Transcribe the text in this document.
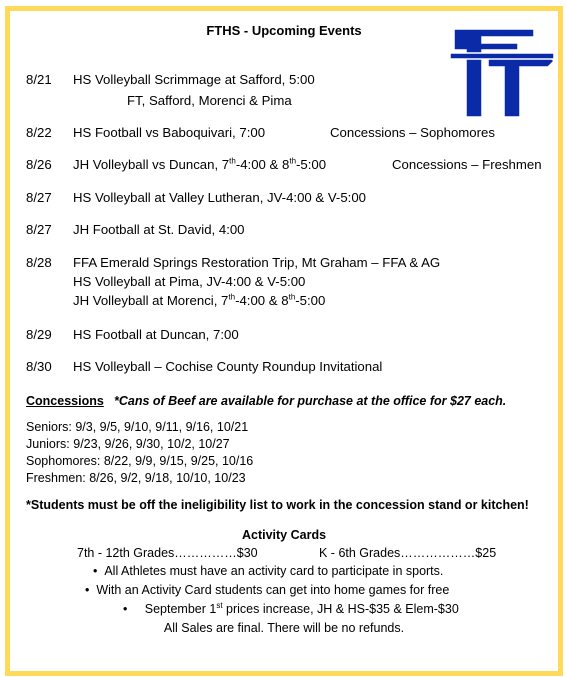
FTHS - Upcoming Events
8/21 HS Volleyball Scrimmage at Safford, 5:00
FT, Safford, Morenci & Pima
8/22 HS Football vs Baboquivari, 7:00	Concessions – Sophomores
8/26 JH Volleyball vs Duncan, 7th-4:00 & 8th-5:00	Concessions – Freshmen
8/27 HS Volleyball at Valley Lutheran, JV-4:00 & V-5:00
8/27 JH Football at St. David, 4:00
8/28 FFA Emerald Springs Restoration Trip, Mt Graham – FFA & AG
HS Volleyball at Pima, JV-4:00 & V-5:00
JH Volleyball at Morenci, 7th-4:00 & 8th-5:00
8/29 HS Football at Duncan, 7:00
8/30 HS Volleyball – Cochise County Roundup Invitational
Concessions *Cans of Beef are available for purchase at the office for $27 each.
Seniors: 9/3, 9/5, 9/10, 9/11, 9/16, 10/21
Juniors: 9/23, 9/26, 9/30, 10/2, 10/27
Sophomores: 8/22, 9/9, 9/15, 9/25, 10/16
Freshmen: 8/26, 9/2, 9/18, 10/10, 10/23
*Students must be off the ineligibility list to work in the concession stand or kitchen!
Activity Cards
7th - 12th Grades……………$30	K - 6th Grades………………$25
•  All Athletes must have an activity card to participate in sports.
•  With an Activity Card students can get into home games for free
•     September 1st prices increase, JH & HS-$35 & Elem-$30
All Sales are final. There will be no refunds.
